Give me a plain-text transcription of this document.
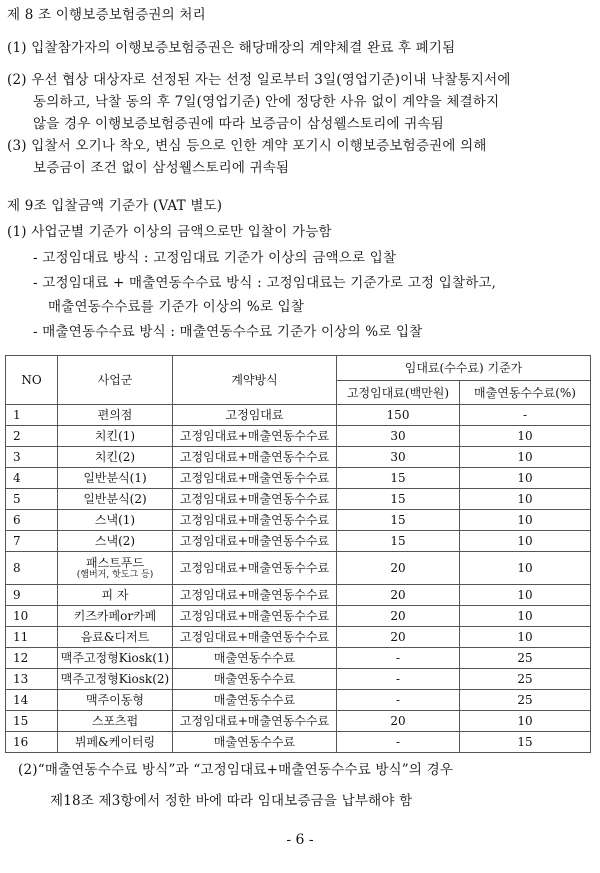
제 8 조 이행보증보험증권의 처리
(1) 입찰참가자의 이행보증보험증권은 해당매장의 계약체결 완료 후 폐기됨
(2) 우선 협상 대상자로 선정된 자는 선정 일로부터 3일(영업기준)이내 낙찰통지서에
동의하고, 낙찰 동의 후 7일(영업기준) 안에 정당한 사유 없이 계약을 체결하지
않을 경우 이행보증보험증권에 따라 보증금이 삼성웰스토리에 귀속됨
(3) 입찰서 오기나 착오, 변심 등으로 인한 계약 포기시 이행보증보험증권에 의해
보증금이 조건 없이 삼성웰스토리에 귀속됨
제 9조 입찰금액 기준가 (VAT 별도)
(1) 사업군별 기준가 이상의 금액으로만 입찰이 가능함
- 고정임대료 방식 : 고정임대료 기준가 이상의 금액으로 입찰
- 고정임대료 + 매출연동수수료 방식 : 고정임대료는 기준가로 고정 입찰하고,
매출연동수수료를 기준가 이상의 %로 입찰
- 매출연동수수료 방식 : 매출연동수수료 기준가 이상의 %로 입찰
NO	사업군	계약방식	임대료(수수료) 기준가	
			고정임대료(백만원)	매출연동수수료(%)
1	편의점	고정임대료	150	-
2	치킨(1)	고정임대료+매출연동수수료	30	10
3	치킨(2)	고정임대료+매출연동수수료	30	10
4	일반분식(1)	고정임대료+매출연동수수료	15	10
5	일반분식(2)	고정임대료+매출연동수수료	15	10
6	스낵(1)	고정임대료+매출연동수수료	15	10
7	스낵(2)	고정임대료+매출연동수수료	15	10
8	패스트푸드
(햄버거, 핫도그 등)	고정임대료+매출연동수수료	20	10
9	피 자	고정임대료+매출연동수수료	20	10
10	키즈카페or카페	고정임대료+매출연동수수료	20	10
11	음료&디저트	고정임대료+매출연동수수료	20	10
12	맥주고정형Kiosk(1)	매출연동수수료	-	25
13	맥주고정형Kiosk(2)	매출연동수수료	-	25
14	맥주이동형	매출연동수수료	-	25
15	스포츠펍	고정임대료+매출연동수수료	20	10
16	뷔페&케이터링	매출연동수수료	-	15
(2)“매출연동수수료 방식”과 “고정임대료+매출연동수수료 방식”의 경우
제18조 제3항에서 정한 바에 따라 임대보증금을 납부해야 함
- 6 -
